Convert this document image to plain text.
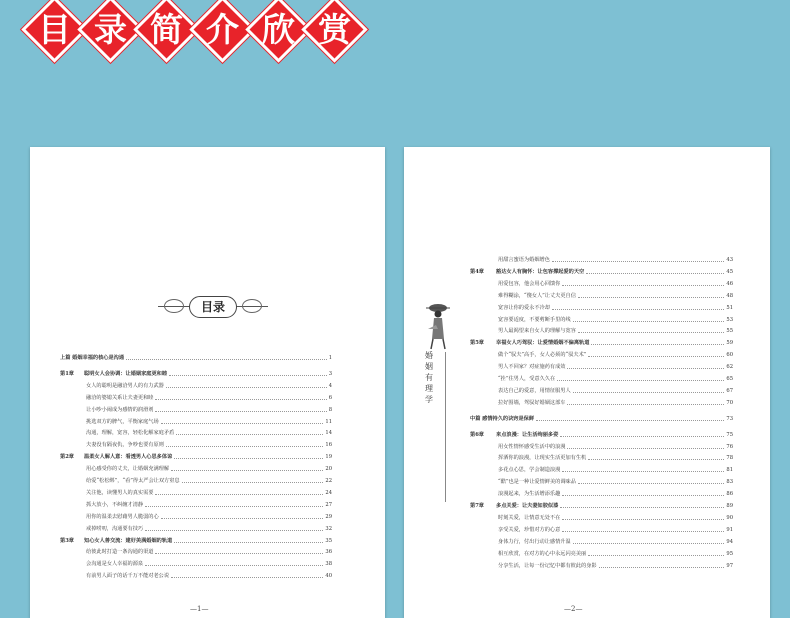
目 录 简 介 欣 赏
目录
上篇 婚姻幸福的核心是沟通	1
第1章 聪明女人会协调：让婚姻家庭更和睦	3
女人的聪明是融洽男人的有力武器	4
融洽的婆媳关系让夫妻更和睦	6
让小吵小闹成为感情的润滑剂	8
挑选双方的脾气，平衡家庭气场	11
沟通，理解，宽容，轻松化解家庭矛盾	14
夫妻没有隔夜仇，争吵也要有原则	16
第2章 温柔女人解人意：看透男人心思多体谅	19
用心感受你的丈夫，让婚姻充满理解	20
给爱“松松绑”，“看”得太严会让双方窒息	22
关注他，读懂男人的真实需要	24
抓大放小，不纠缠才清静	27
用你的温柔去慰藉男人脆弱的心	29
戒掉唠叨，沟通要有技巧	32
第3章 知心女人善交流：建好美满婚姻的轨道	35
给彼此时打造一条沟通的渠道	36
会沟通是女人幸福的源泉	38
有前男人面子的话千万不能对老公说	40
—1—
婚姻有理学
用甜言蜜语为婚姻增色	43
第4章 豁达女人有胸怀：让包容撑起爱的天空	45
用爱包容，他会用心回馈你	46
难得糊涂，“傻女人”让丈夫更自信	48
宽容让你的爱永不冷却	51
宽容要适度，不要剪断手里的线	53
男人最渴望来自女人的理解与宽容	55
第5章 幸福女人巧驾驭：让爱情婚姻不偏离轨道	59
做个“驭夫”高手，女人必须的“驭夫术”	60
男人不回家？对症施药有成效	62
“拴”住男人，受意久久在	65
表达自己的爱意，用情征服男人	67
拉好围墙，驾驭好婚姻这部车	70
中篇 感情持久的诀窍是保鲜	73
第6章 来点浪漫：让生活绚丽多姿	75
用女性情怀感受生活中的浪漫	76
挥洒你的浪漫，让现实生活更加有生机	78
多花点心思，学会制造浪漫	81
“酷”也是一种让爱情鲜美的调味品	83
浪漫起来，为生活增添乐趣	86
第7章 多点关爱：让夫妻如胶似漆	89
时刻关爱，让情意无处不在	90
享受关爱，珍惜对方的心意	91
身体力行，付出行动让感情升温	94
相互欣赏，在对方的心中永远闪亮美丽	95
分享生活，让每一份记忆中都有彼此的身影	97
—2—
